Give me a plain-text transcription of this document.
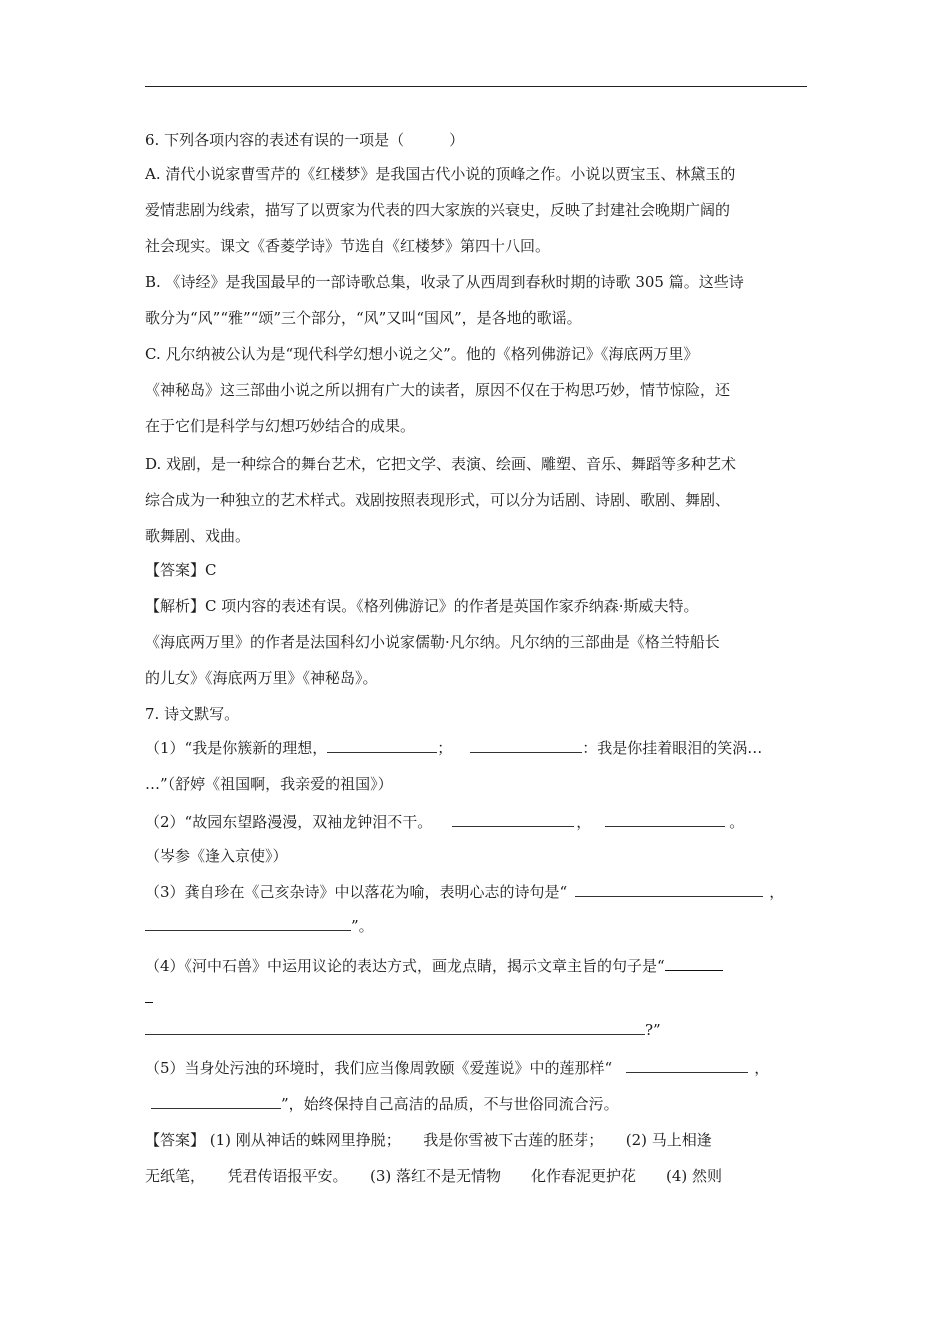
6. 下列各项内容的表述有误的一项是（　　　）
A. 清代小说家曹雪芹的《红楼梦》是我国古代小说的顶峰之作。小说以贾宝玉、林黛玉的
爱情悲剧为线索，描写了以贾家为代表的四大家族的兴衰史，反映了封建社会晚期广阔的
社会现实。课文《香菱学诗》节选自《红楼梦》第四十八回。
B. 《诗经》是我国最早的一部诗歌总集，收录了从西周到春秋时期的诗歌 305 篇。这些诗
歌分为“风”“雅”“颂”三个部分，“风”又叫“国风”，是各地的歌谣。
C. 凡尔纳被公认为是“现代科学幻想小说之父”。他的《格列佛游记》《海底两万里》
《神秘岛》这三部曲小说之所以拥有广大的读者，原因不仅在于构思巧妙，情节惊险，还
在于它们是科学与幻想巧妙结合的成果。
D. 戏剧，是一种综合的舞台艺术，它把文学、表演、绘画、雕塑、音乐、舞蹈等多种艺术
综合成为一种独立的艺术样式。戏剧按照表现形式，可以分为话剧、诗剧、歌剧、舞剧、
歌舞剧、戏曲。
【答案】C
【解析】C 项内容的表述有误。《格列佛游记》的作者是英国作家乔纳森·斯威夫特。
《海底两万里》的作者是法国科幻小说家儒勒·凡尔纳。凡尔纳的三部曲是《格兰特船长
的儿女》《海底两万里》《神秘岛》。
7. 诗文默写。
（1）“我是你簇新的理想，	；	：我是你挂着眼泪的笑涡…
…”（舒婷《祖国啊，我亲爱的祖国》）
（2）“故园东望路漫漫，双袖龙钟泪不干。	，	。
（岑参《逢入京使》）
（3）龚自珍在《己亥杂诗》中以落花为喻，表明心志的诗句是“	，
”。
（4）《河中石兽》中运用议论的表达方式，画龙点睛，揭示文章主旨的句子是“
?”
（5）当身处污浊的环境时，我们应当像周敦颐《爱莲说》中的莲那样“	，
”，始终保持自己高洁的品质，不与世俗同流合污。
【答案】 (1) 刚从神话的蛛网里挣脱；　　我是你雪被下古莲的胚芽；　　(2) 马上相逢
无纸笔，　　凭君传语报平安。　　(3) 落红不是无情物　　化作春泥更护花　　(4) 然则
